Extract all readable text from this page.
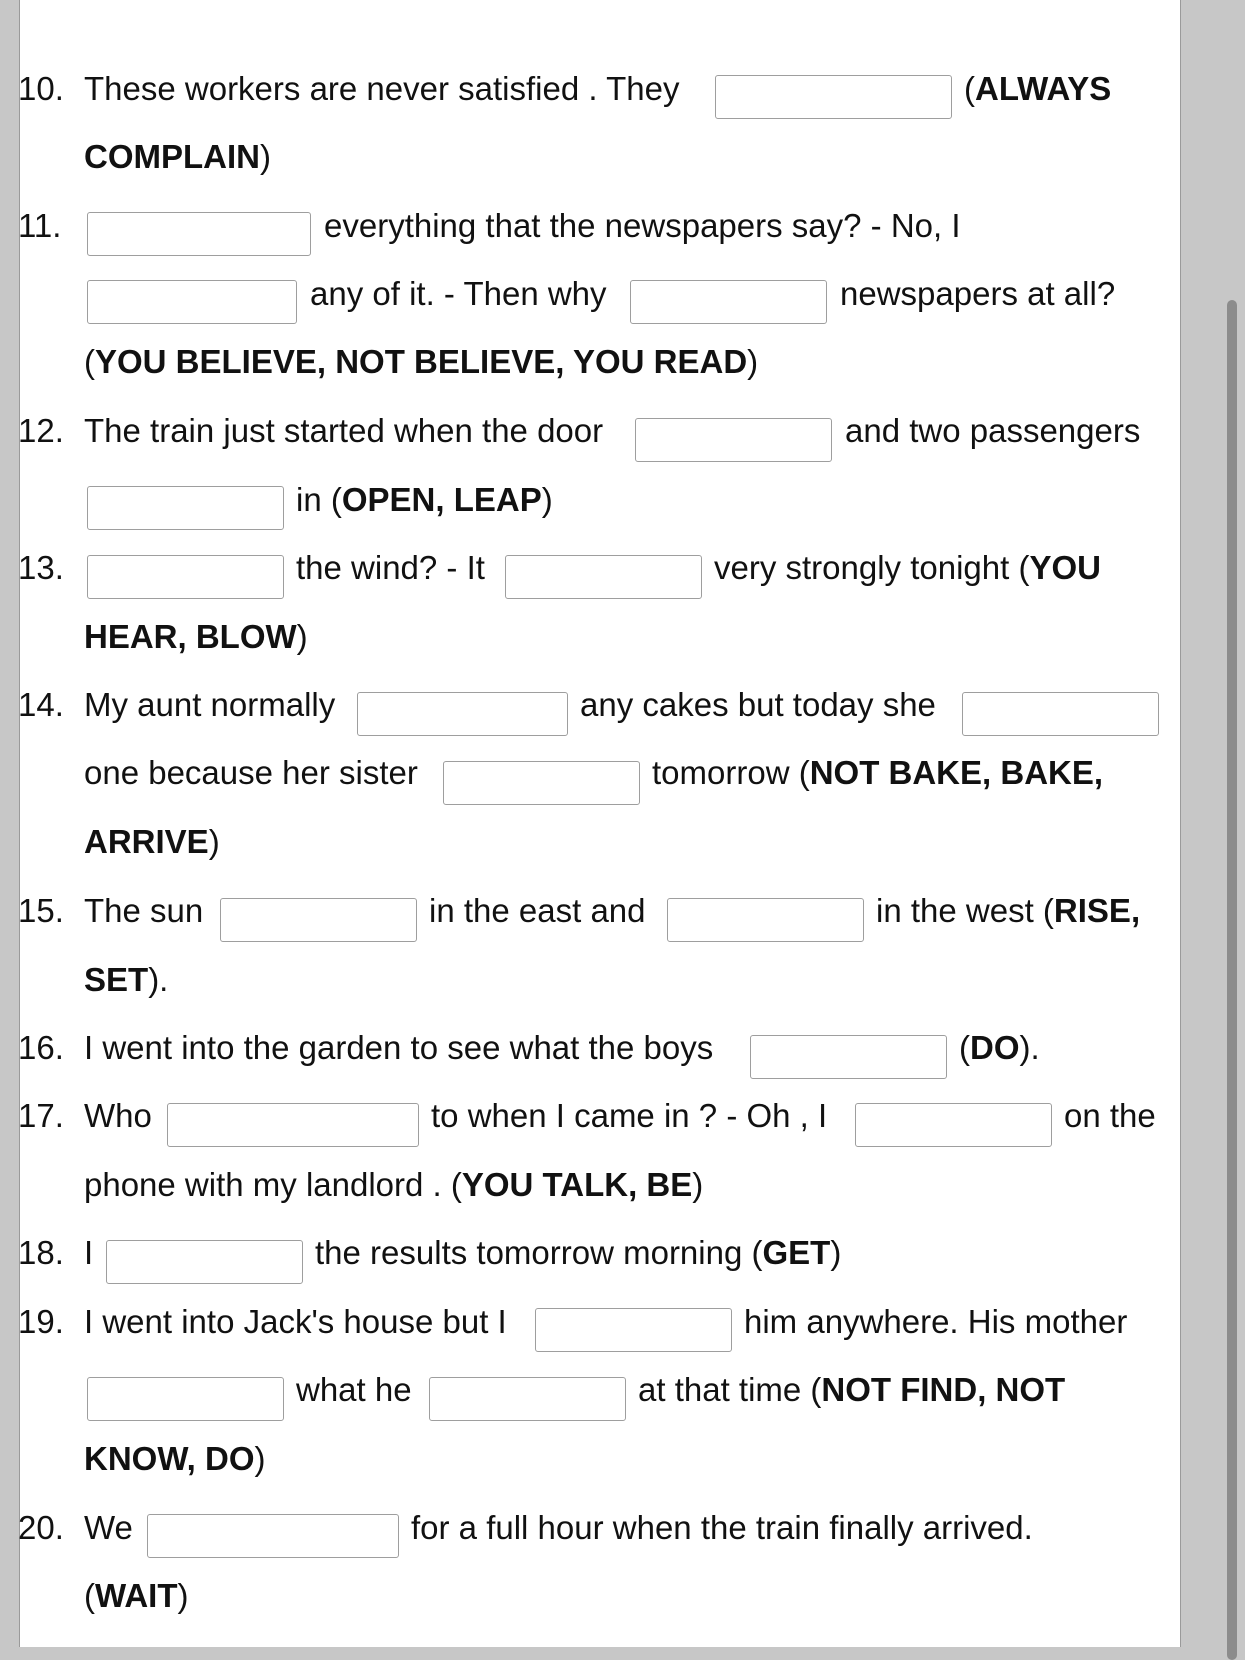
10. These workers are never satisfied . They	(ALWAYS
COMPLAIN)
11.	everything that the newspapers say? - No, I
any of it. - Then why	newspapers at all?
(YOU BELIEVE, NOT BELIEVE, YOU READ)
12. The train just started when the door	and two passengers
in (OPEN, LEAP)
13.	the wind? - It	very strongly tonight (YOU
HEAR, BLOW)
14. My aunt normally	any cakes but today she
one because her sister	tomorrow (NOT BAKE, BAKE,
ARRIVE)
15. The sun	in the east and	in the west (RISE,
SET).
16. I went into the garden to see what the boys	(DO).
17. Who	to when I came in ? - Oh , I	on the
phone with my landlord . (YOU TALK, BE)
18. I	the results tomorrow morning (GET)
19. I went into Jack's house but I	him anywhere. His mother
what he	at that time (NOT FIND, NOT
KNOW, DO)
20. We	for a full hour when the train finally arrived.
(WAIT)
